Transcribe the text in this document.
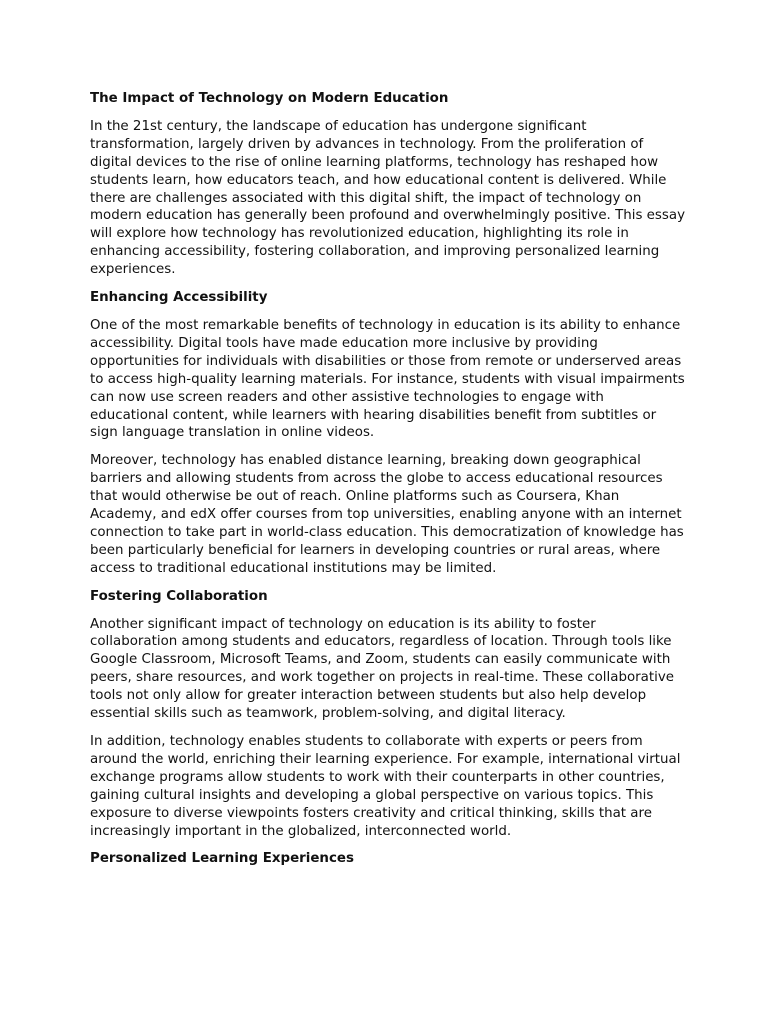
The Impact of Technology on Modern Education

In the 21st century, the landscape of education has undergone significant transformation, largely driven by advances in technology. From the proliferation of digital devices to the rise of online learning platforms, technology has reshaped how students learn, how educators teach, and how educational content is delivered. While there are challenges associated with this digital shift, the impact of technology on modern education has generally been profound and overwhelmingly positive. This essay will explore how technology has revolutionized education, highlighting its role in enhancing accessibility, fostering collaboration, and improving personalized learning experiences.

Enhancing Accessibility

One of the most remarkable benefits of technology in education is its ability to enhance accessibility. Digital tools have made education more inclusive by providing opportunities for individuals with disabilities or those from remote or underserved areas to access high-quality learning materials. For instance, students with visual impairments can now use screen readers and other assistive technologies to engage with educational content, while learners with hearing disabilities benefit from subtitles or sign language translation in online videos.

Moreover, technology has enabled distance learning, breaking down geographical barriers and allowing students from across the globe to access educational resources that would otherwise be out of reach. Online platforms such as Coursera, Khan Academy, and edX offer courses from top universities, enabling anyone with an internet connection to take part in world-class education. This democratization of knowledge has been particularly beneficial for learners in developing countries or rural areas, where access to traditional educational institutions may be limited.

Fostering Collaboration

Another significant impact of technology on education is its ability to foster collaboration among students and educators, regardless of location. Through tools like Google Classroom, Microsoft Teams, and Zoom, students can easily communicate with peers, share resources, and work together on projects in real-time. These collaborative tools not only allow for greater interaction between students but also help develop essential skills such as teamwork, problem-solving, and digital literacy.

In addition, technology enables students to collaborate with experts or peers from around the world, enriching their learning experience. For example, international virtual exchange programs allow students to work with their counterparts in other countries, gaining cultural insights and developing a global perspective on various topics. This exposure to diverse viewpoints fosters creativity and critical thinking, skills that are increasingly important in the globalized, interconnected world.

Personalized Learning Experiences
